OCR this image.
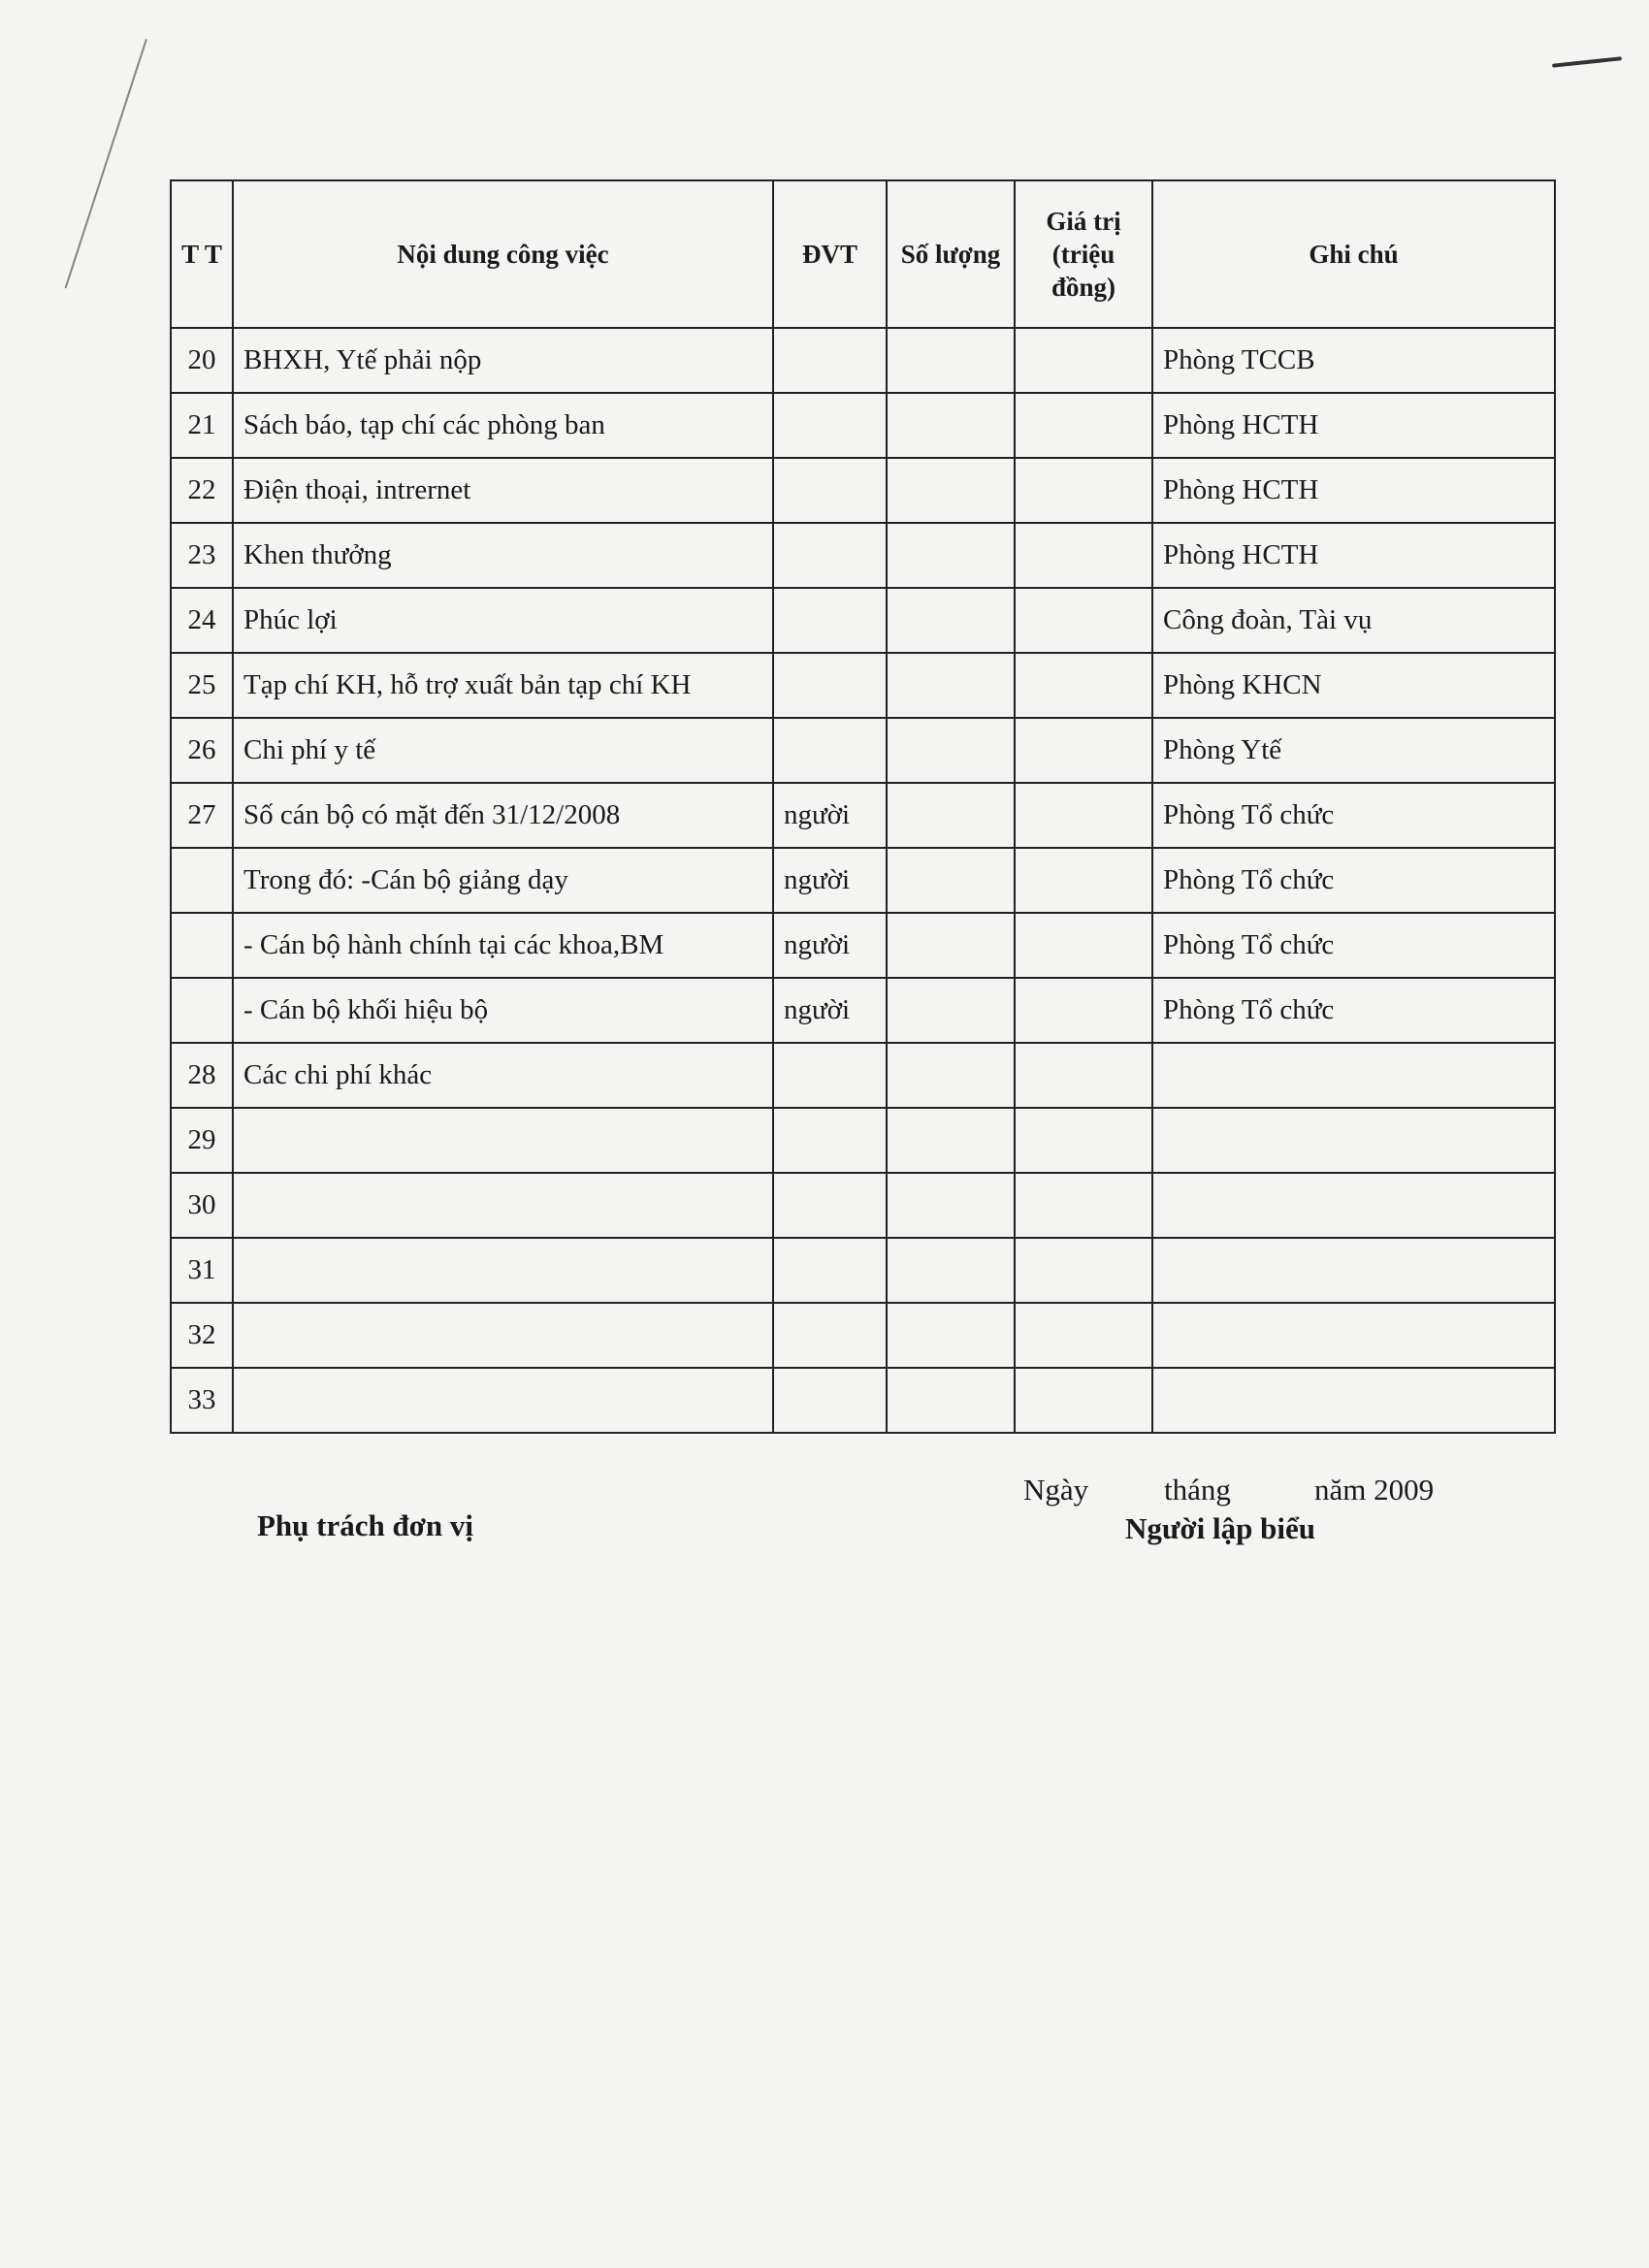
T T	Nội dung công việc	ĐVT	Số lượng	Giá trị (triệu đồng)	Ghi chú
20	BHXH, Ytế phải nộp				Phòng TCCB
21	Sách báo, tạp chí các phòng ban				Phòng HCTH
22	Điện thoại, intrernet				Phòng HCTH
23	Khen thưởng				Phòng HCTH
24	Phúc lợi				Công đoàn, Tài vụ
25	Tạp chí KH, hỗ trợ xuất bản tạp chí KH				Phòng KHCN
26	Chi phí y tế				Phòng Ytế
27	Số cán bộ có mặt đến 31/12/2008	người			Phòng Tổ chức
	Trong đó: -Cán bộ giảng dạy	người			Phòng Tổ chức
	- Cán bộ hành chính tại các khoa,BM	người			Phòng Tổ chức
	- Cán bộ khối hiệu bộ	người			Phòng Tổ chức
28	Các chi phí khác				
29					
30					
31					
32					
33					
Phụ trách đơn vị
Ngày	tháng	năm 2009
Người lập biểu
